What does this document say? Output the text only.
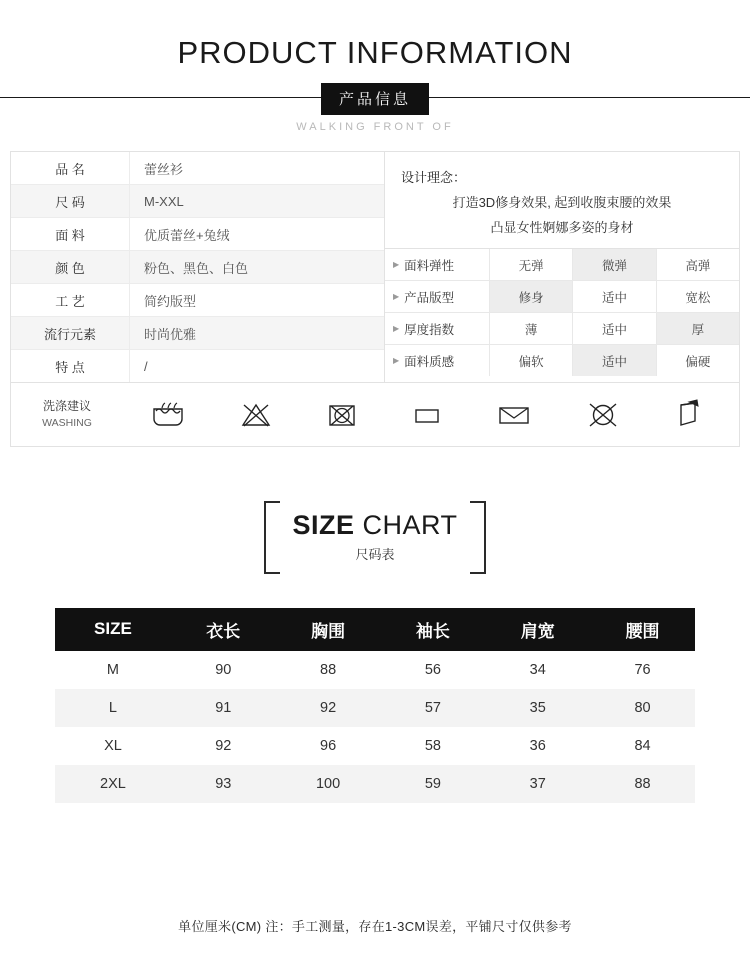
PRODUCT INFORMATION
产品信息
WALKING FRONT OF
品 名	蕾丝衫
尺 码	M-XXL
面 料	优质蕾丝+兔绒
颜 色	粉色、黑色、白色
工 艺	简约版型
流行元素	时尚优雅
特 点	/
设计理念：
打造3D修身效果, 起到收腹束腰的效果
凸显女性婀娜多姿的身材
▶ 面料弹性	无弹	微弹	高弹
▶ 产品版型	修身	适中	宽松
▶ 厚度指数	薄	适中	厚
▶ 面料质感	偏软	适中	偏硬
洗涤建议
WASHING
SIZE CHART
尺码表
SIZE	衣长	胸围	袖长	肩宽	腰围
M	90	88	56	34	76
L	91	92	57	35	80
XL	92	96	58	36	84
2XL	93	100	59	37	88
单位厘米(CM) 注：手工测量，存在1-3CM误差，平铺尺寸仅供参考
